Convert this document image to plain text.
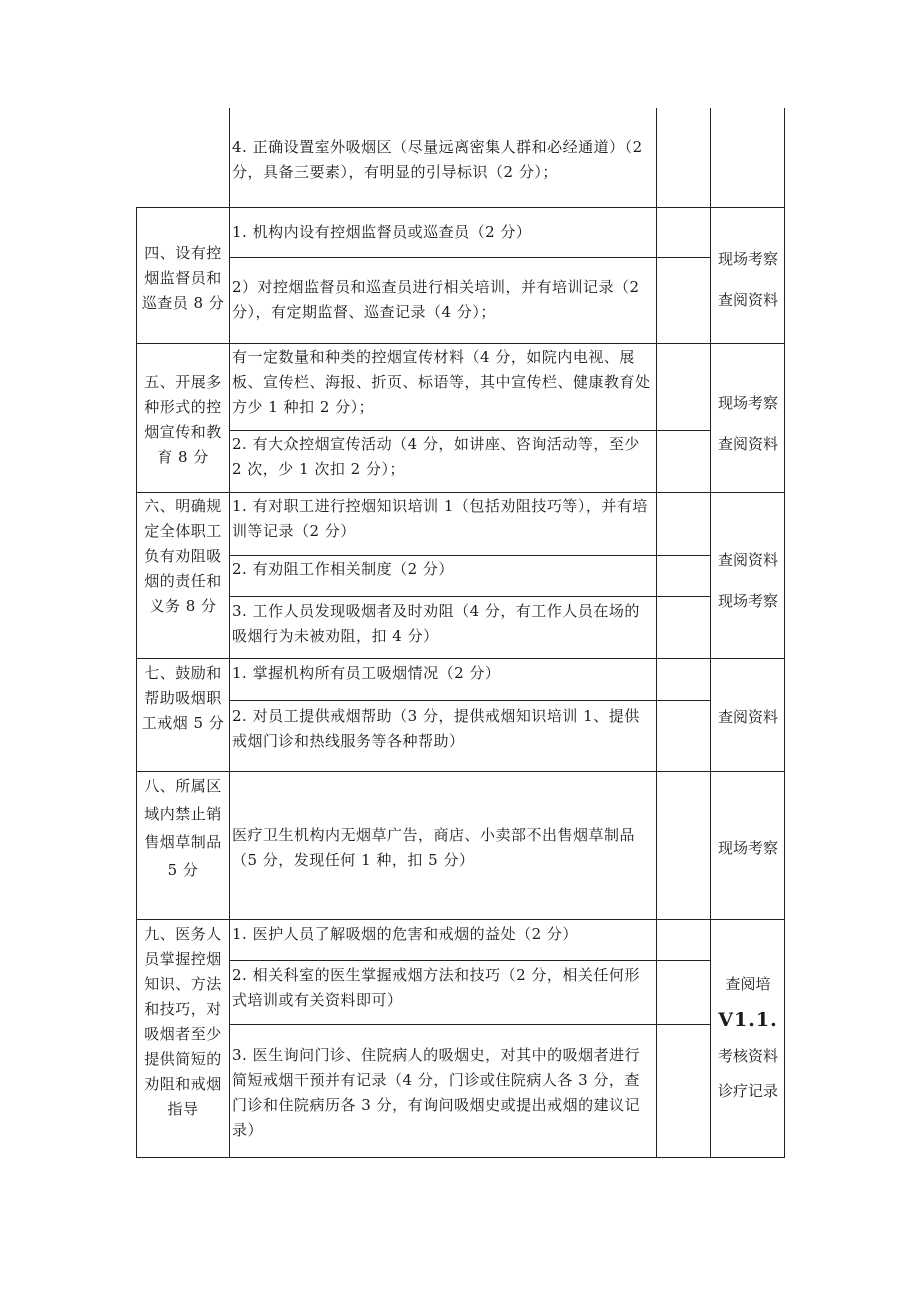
4. 正确设置室外吸烟区（尽量远离密集人群和必经通道）（2 分，具备三要素），有明显的引导标识（2 分）；
四、设有控烟监督员和巡查员 8 分
1. 机构内设有控烟监督员或巡查员（2 分）
2）对控烟监督员和巡查员进行相关培训，并有培训记录（2 分），有定期监督、巡查记录（4 分）；
现场考察
查阅资料
五、开展多种形式的控烟宣传和教育 8 分
有一定数量和种类的控烟宣传材料（4 分，如院内电视、展板、宣传栏、海报、折页、标语等，其中宣传栏、健康教育处方少 1 种扣 2 分）；
2. 有大众控烟宣传活动（4 分，如讲座、咨询活动等，至少 2 次，少 1 次扣 2 分）；
现场考察
查阅资料
六、明确规定全体职工负有劝阻吸烟的责任和义务 8 分
1. 有对职工进行控烟知识培训 1（包括劝阻技巧等），并有培训等记录（2 分）
2. 有劝阻工作相关制度（2 分）
3. 工作人员发现吸烟者及时劝阻（4 分，有工作人员在场的吸烟行为未被劝阻，扣 4 分）
查阅资料
现场考察
七、鼓励和帮助吸烟职工戒烟 5 分
1. 掌握机构所有员工吸烟情况（2 分）
2. 对员工提供戒烟帮助（3 分，提供戒烟知识培训 1、提供戒烟门诊和热线服务等各种帮助）
查阅资料
八、所属区域内禁止销售烟草制品 5 分
医疗卫生机构内无烟草广告，商店、小卖部不出售烟草制品（5 分，发现任何 1 种，扣 5 分）
现场考察
九、医务人员掌握控烟知识、方法和技巧，对吸烟者至少提供简短的劝阻和戒烟指导
1. 医护人员了解吸烟的危害和戒烟的益处（2 分）
2. 相关科室的医生掌握戒烟方法和技巧（2 分，相关任何形式培训或有关资料即可）
3. 医生询问门诊、住院病人的吸烟史，对其中的吸烟者进行简短戒烟干预并有记录（4 分，门诊或住院病人各 3 分，查门诊和住院病历各 3 分，有询问吸烟史或提出戒烟的建议记录）
查阅培
V1.1.
考核资料
诊疗记录
